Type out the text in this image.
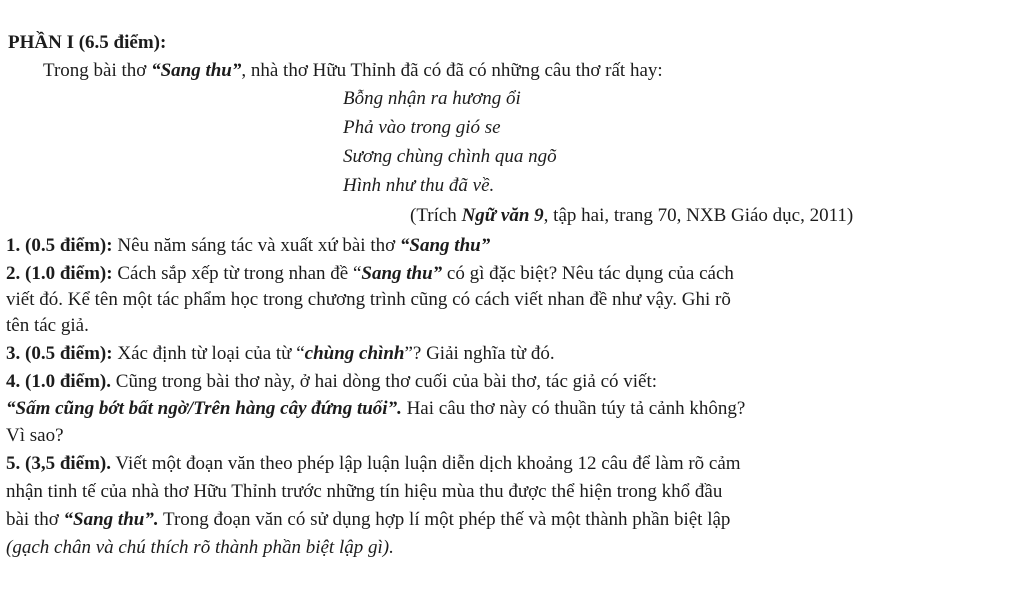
PHẦN I (6.5 điểm):
Trong bài thơ “Sang thu”, nhà thơ Hữu Thỉnh đã có đã có những câu thơ rất hay:
Bỗng nhận ra hương ổi
Phả vào trong gió se
Sương chùng chình qua ngõ
Hình như thu đã về.
(Trích Ngữ văn 9, tập hai, trang 70, NXB Giáo dục, 2011)
1. (0.5 điểm): Nêu năm sáng tác và xuất xứ bài thơ “Sang thu”
2. (1.0 điểm): Cách sắp xếp từ trong nhan đề “Sang thu” có gì đặc biệt? Nêu tác dụng của cách
viết đó. Kể tên một tác phẩm học trong chương trình cũng có cách viết nhan đề như vậy. Ghi rõ
tên tác giả.
3. (0.5 điểm): Xác định từ loại của từ “chùng chình”? Giải nghĩa từ đó.
4. (1.0 điểm). Cũng trong bài thơ này, ở hai dòng thơ cuối của bài thơ, tác giả có viết:
“Sấm cũng bớt bất ngờ/Trên hàng cây đứng tuổi”. Hai câu thơ này có thuần túy tả cảnh không?
Vì sao?
5. (3,5 điểm). Viết một đoạn văn theo phép lập luận luận diễn dịch khoảng 12 câu để làm rõ cảm
nhận tinh tế của nhà thơ Hữu Thỉnh trước những tín hiệu mùa thu được thể hiện trong khổ đầu
bài thơ “Sang thu”. Trong đoạn văn có sử dụng hợp lí một phép thế và một thành phần biệt lập
(gạch chân và chú thích rõ thành phần biệt lập gì).
